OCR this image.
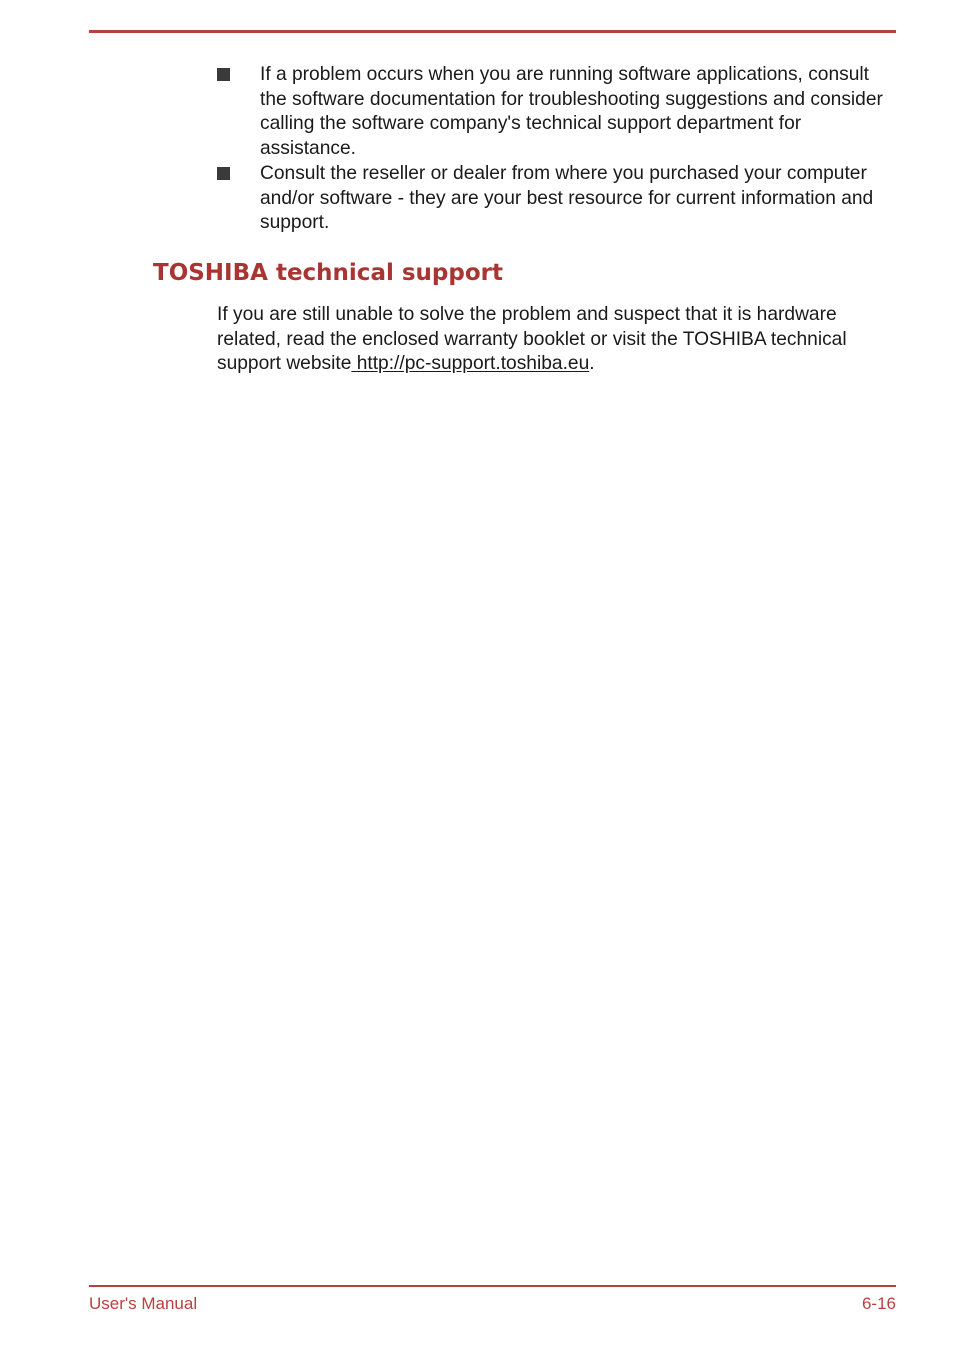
If a problem occurs when you are running software applications, consult the software documentation for troubleshooting suggestions and consider calling the software company's technical support department for assistance.
Consult the reseller or dealer from where you purchased your computer and/or software - they are your best resource for current information and support.
TOSHIBA technical support

If you are still unable to solve the problem and suspect that it is hardware related, read the enclosed warranty booklet or visit the TOSHIBA technical support website http://pc-support.toshiba.eu.

User's Manual	6-16
